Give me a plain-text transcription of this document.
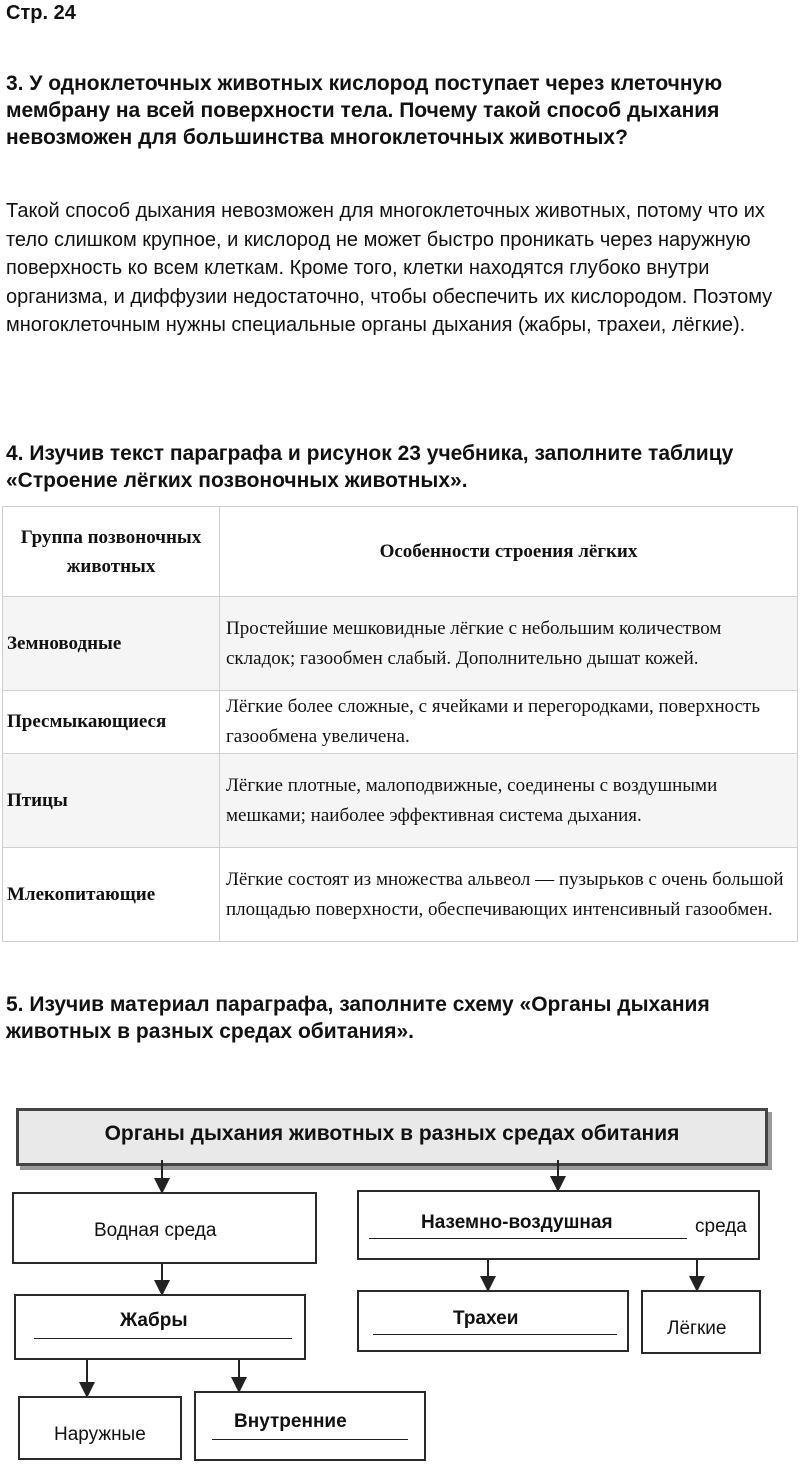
Стр. 24
3. У одноклеточных животных кислород поступает через клеточную мембрану на всей поверхности тела. Почему такой способ дыхания невозможен для большинства многоклеточных животных?
Такой способ дыхания невозможен для многоклеточных животных, потому что их тело слишком крупное, и кислород не может быстро проникать через наружную поверхность ко всем клеткам. Кроме того, клетки находятся глубоко внутри организма, и диффузии недостаточно, чтобы обеспечить их кислородом. Поэтому многоклеточным нужны специальные органы дыхания (жабры, трахеи, лёгкие).
4. Изучив текст параграфа и рисунок 23 учебника, заполните таблицу «Строение лёгких позвоночных животных».
Группа позвоночных животных	Особенности строения лёгких
Земноводные	Простейшие мешковидные лёгкие с небольшим количеством складок; газообмен слабый. Дополнительно дышат кожей.
Пресмыкающиеся	Лёгкие более сложные, с ячейками и перегородками, поверхность газообмена увеличена.
Птицы	Лёгкие плотные, малоподвижные, соединены с воздушными мешками; наиболее эффективная система дыхания.
Млекопитающие	Лёгкие состоят из множества альвеол — пузырьков с очень большой площадью поверхности, обеспечивающих интенсивный газообмен.
5. Изучив материал параграфа, заполните схему «Органы дыхания животных в разных средах обитания».
Органы дыхания животных в разных средах обитания
Водная среда	Наземно-воздушная	среда
Жабры	Трахеи	Лёгкие
Наружные
Внутренние
